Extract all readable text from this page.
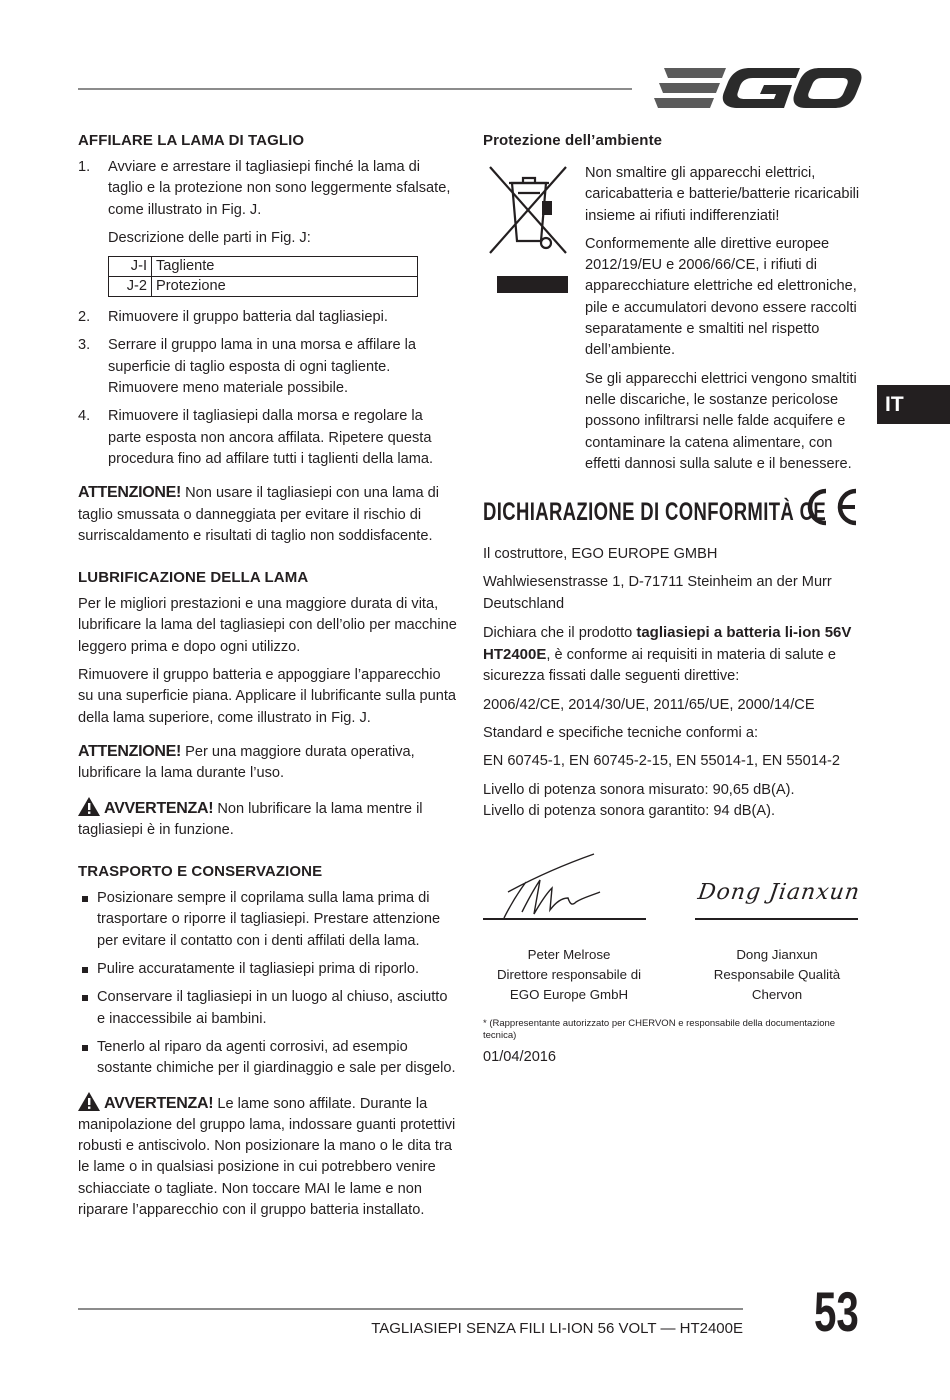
AFFILARE LA LAMA DI TAGLIO
1. Avviare e arrestare il tagliasiepi finché la lama di taglio e la protezione non sono leggermente sfalsate, come illustrato in Fig. J.
Descrizione delle parti in Fig. J:
J-I	Tagliente
J-2	Protezione
2. Rimuovere il gruppo batteria dal tagliasiepi.
3. Serrare il gruppo lama in una morsa e affilare la superficie di taglio esposta di ogni tagliente. Rimuovere meno materiale possibile.
4. Rimuovere il tagliasiepi dalla morsa e regolare la parte esposta non ancora affilata. Ripetere questa procedura fino ad affilare tutti i taglienti della lama.
ATTENZIONE! Non usare il tagliasiepi con una lama di taglio smussata o danneggiata per evitare il rischio di surriscaldamento e risultati di taglio non soddisfacente.
LUBRIFICAZIONE DELLA LAMA
Per le migliori prestazioni e una maggiore durata di vita, lubrificare la lama del tagliasiepi con dell’olio per macchine leggero prima e dopo ogni utilizzo.
Rimuovere il gruppo batteria e appoggiare l’apparecchio su una superficie piana. Applicare il lubrificante sulla punta della lama superiore, come illustrato in Fig. J.
ATTENZIONE! Per una maggiore durata operativa, lubrificare la lama durante l’uso.
AVVERTENZA! Non lubrificare la lama mentre il tagliasiepi è in funzione.
TRASPORTO E CONSERVAZIONE
Posizionare sempre il coprilama sulla lama prima di trasportare o riporre il tagliasiepi. Prestare attenzione per evitare il contatto con i denti affilati della lama.
Pulire accuratamente il tagliasiepi prima di riporlo.
Conservare il tagliasiepi in un luogo al chiuso, asciutto e inaccessibile ai bambini.
Tenerlo al riparo da agenti corrosivi, ad esempio sostante chimiche per il giardinaggio e sale per disgelo.
AVVERTENZA! Le lame sono affilate. Durante la manipolazione del gruppo lama, indossare guanti protettivi robusti e antiscivolo. Non posizionare la mano o le dita tra le lame o in qualsiasi posizione in cui potrebbero venire schiacciate o tagliate. Non toccare MAI le lame e non riparare l’apparecchio con il gruppo batteria installato.
Protezione dell’ambiente
Non smaltire gli apparecchi elettrici, caricabatteria e batterie/batterie ricaricabili insieme ai rifiuti indifferenziati!
Conformemente alle direttive europee 2012/19/EU e 2006/66/CE, i rifiuti di apparecchiature elettriche ed elettroniche, pile e accumulatori devono essere raccolti separatamente e smaltiti nel rispetto dell’ambiente.
Se gli apparecchi elettrici vengono smaltiti nelle discariche, le sostanze pericolose possono infiltrarsi nelle falde acquifere e contaminare la catena alimentare, con effetti dannosi sulla salute e il benessere.
DICHIARAZIONE DI CONFORMITÀ CE
Il costruttore, EGO EUROPE GMBH
Wahlwiesenstrasse 1, D-71711 Steinheim an der Murr Deutschland
Dichiara che il prodotto tagliasiepi a batteria li-ion 56V HT2400E, è conforme ai requisiti in materia di salute e sicurezza fissati dalle seguenti direttive:
2006/42/CE, 2014/30/UE, 2011/65/UE, 2000/14/CE
Standard e specifiche tecniche conformi a:
EN 60745-1, EN 60745-2-15, EN 55014-1, EN 55014-2
Livello di potenza sonora misurato: 90,65 dB(A).
Livello di potenza sonora garantito: 94 dB(A).
Peter Melrose
Direttore responsabile di
EGO Europe GmbH
Dong Jianxun
Dong Jianxun
Responsabile Qualità Chervon
* (Rappresentante autorizzato per CHERVON e responsabile della documentazione tecnica)
01/04/2016
IT
TAGLIASIEPI SENZA FILI LI-ION 56 VOLT — HT2400E 53
